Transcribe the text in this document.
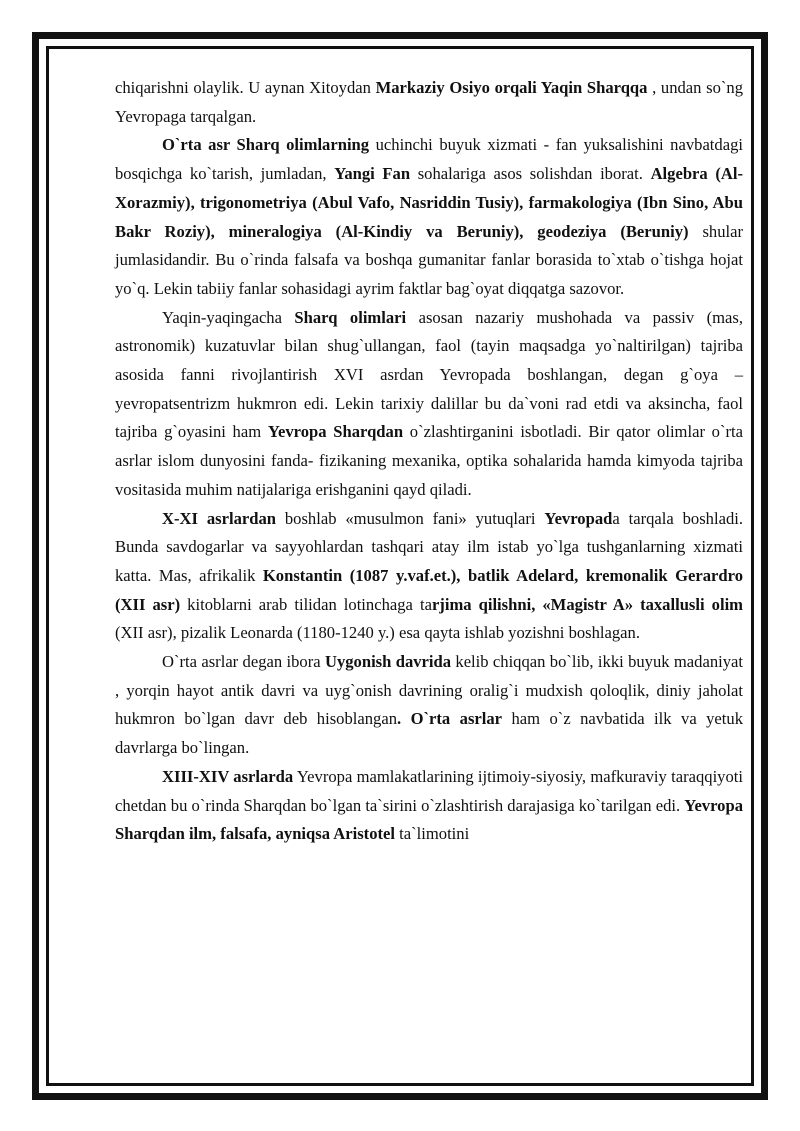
chiqarishni olaylik. U aynan Xitoydan Markaziy Osiyo orqali Yaqin Sharqqa , undan so`ng Yevropaga tarqalgan.

O`rta asr Sharq olimlarning uchinchi buyuk xizmati - fan yuksalishini navbatdagi bosqichga ko`tarish, jumladan, Yangi Fan sohalariga asos solishdan iborat. Algebra (Al-Xorazmiy), trigonometriya (Abul Vafo, Nasriddin Tusiy), farmakologiya (Ibn Sino, Abu Bakr Roziy), mineralogiya (Al-Kindiy va Beruniy), geodeziya (Beruniy) shular jumlasidandir. Bu o`rinda falsafa va boshqa gumanitar fanlar borasida to`xtab o`tishga hojat yo`q. Lekin tabiiy fanlar sohasidagi ayrim faktlar bag`oyat diqqatga sazovor.

Yaqin-yaqingacha Sharq olimlari asosan nazariy mushohada va passiv (mas, astronomik) kuzatuvlar bilan shug`ullangan, faol (tayin maqsadga yo`naltirilgan) tajriba asosida fanni rivojlantirish XVI asrdan Yevropada boshlangan, degan g`oya – yevropatsentrizm hukmron edi. Lekin tarixiy dalillar bu da`voni rad etdi va aksincha, faol tajriba g`oyasini ham Yevropa Sharqdan o`zlashtirganini isbotladi. Bir qator olimlar o`rta asrlar islom dunyosini fanda- fizikaning mexanika, optika sohalarida hamda kimyoda tajriba vositasida muhim natijalariga erishganini qayd qiladi.

X-XI asrlardan boshlab «musulmon fani» yutuqlari Yevropada tarqala boshladi. Bunda savdogarlar va sayyohlardan tashqari atay ilm istab yo`lga tushganlarning xizmati katta. Mas, afrikalik Konstantin (1087 y.vaf.et.), batlik Adelard, kremonalik Gerardro (XII asr) kitoblarni arab tilidan lotinchaga tarjima qilishni, «Magistr A» taxallusli olim (XII asr), pizalik Leonarda (1180-1240 y.) esa qayta ishlab yozishni boshlagan.

O`rta asrlar degan ibora Uygonish davrida kelib chiqqan bo`lib, ikki buyuk madaniyat , yorqin hayot antik davri va uyg`onish davrining oralig`i mudxish qoloqlik, diniy jaholat hukmron bo`lgan davr deb hisoblangan. O`rta asrlar ham o`z navbatida ilk va yetuk davrlarga bo`lingan.

XIII-XIV asrlarda Yevropa mamlakatlarining ijtimoiy-siyosiy, mafkuraviy taraqqiyoti chetdan bu o`rinda Sharqdan bo`lgan ta`sirini o`zlashtirish darajasiga ko`tarilgan edi. Yevropa Sharqdan ilm, falsafa, ayniqsa Aristotel ta`limotini
